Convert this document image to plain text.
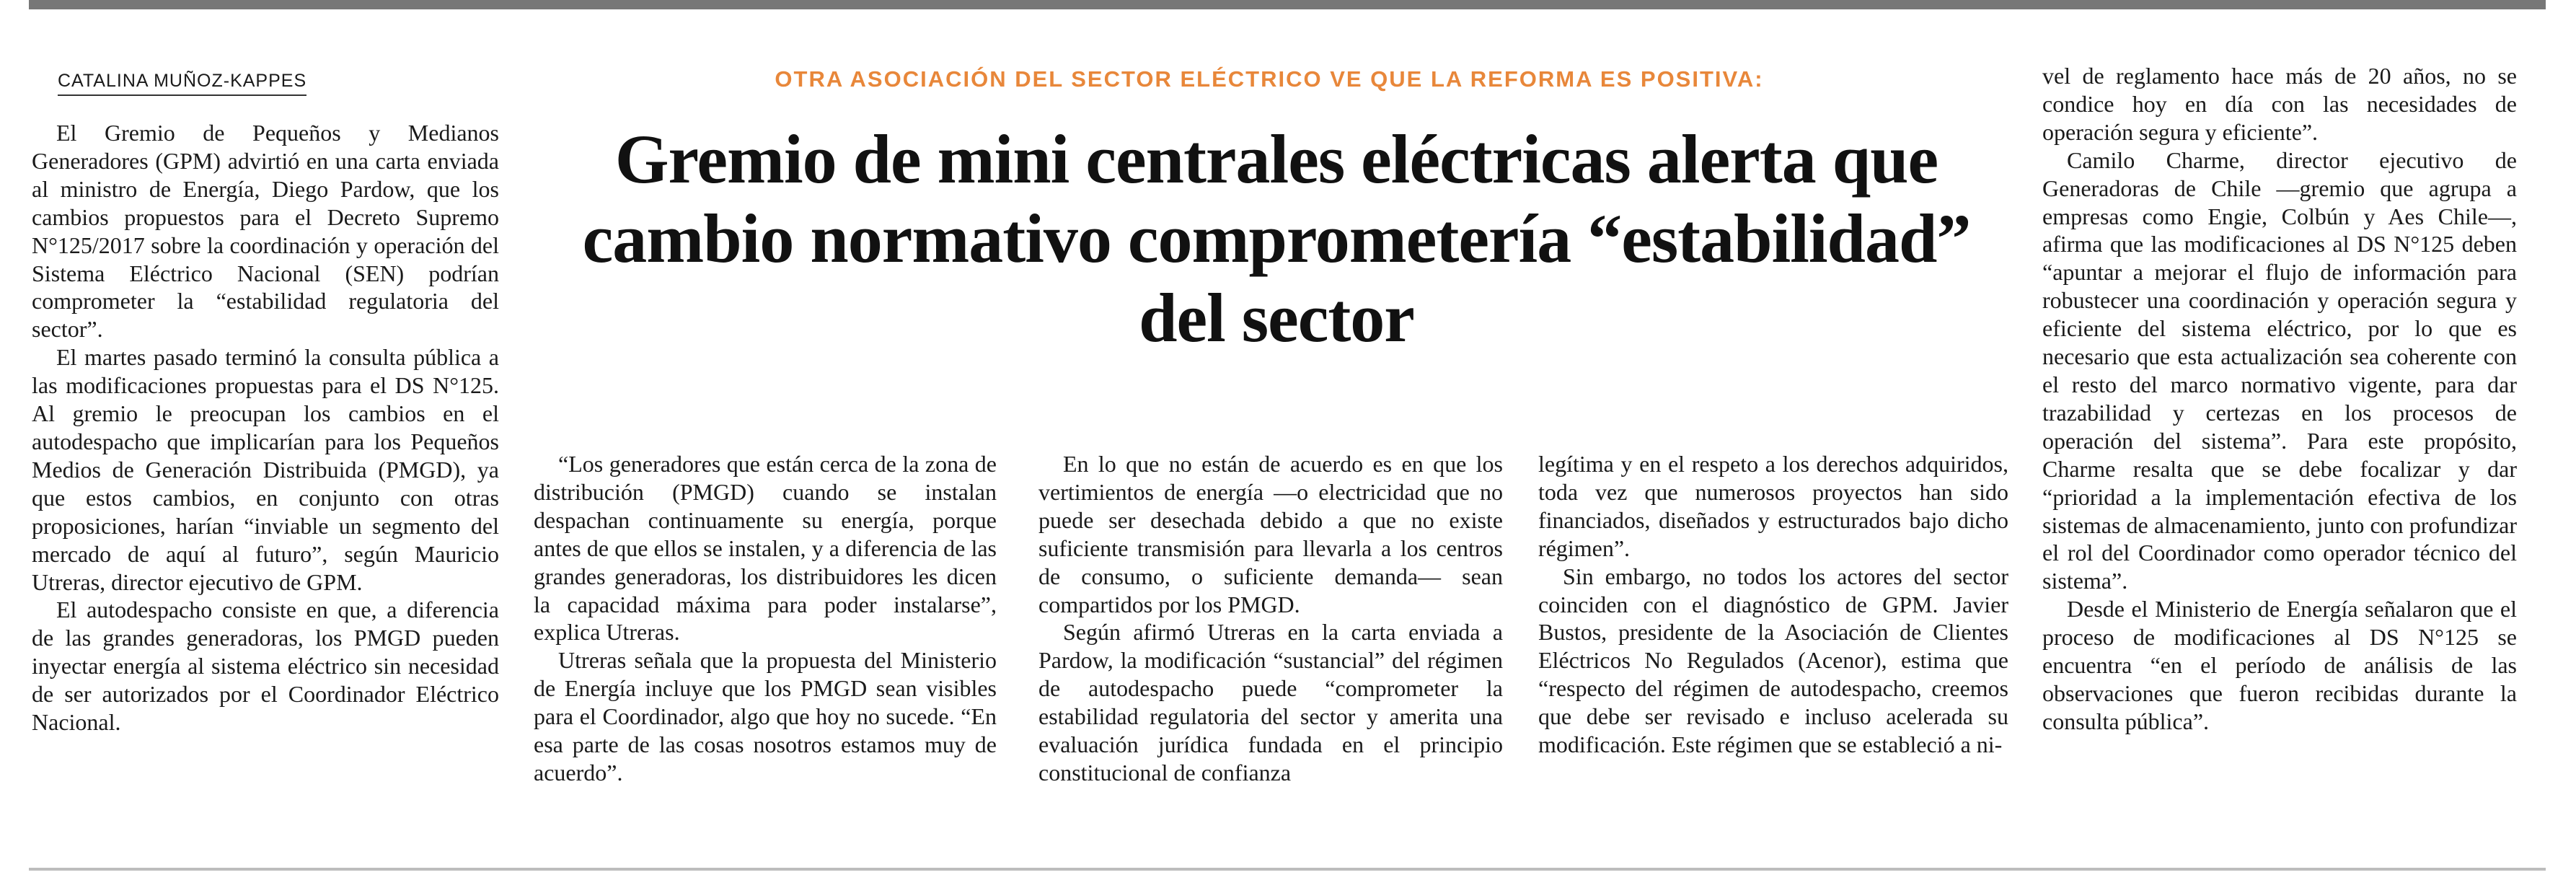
CATALINA MUÑOZ-KAPPES	OTRA ASOCIACIÓN DEL SECTOR ELÉCTRICO VE QUE LA REFORMA ES POSITIVA:
Gremio de mini centrales eléctricas alerta que cambio normativo comprometería “estabilidad” del sector

El Gremio de Pequeños y Medianos Generadores (GPM) advirtió en una carta enviada al ministro de Energía, Diego Pardow, que los cambios propuestos para el Decreto Supremo N°125/2017 sobre la coordinación y operación del Sistema Eléctrico Nacional (SEN) podrían comprometer la “estabilidad regulatoria del sector”.

El martes pasado terminó la consulta pública a las modificaciones propuestas para el DS N°125. Al gremio le preocupan los cambios en el autodespacho que implicarían para los Pequeños Medios de Generación Distribuida (PMGD), ya que estos cambios, en conjunto con otras proposiciones, harían “inviable un segmento del mercado de aquí al futuro”, según Mauricio Utreras, director ejecutivo de GPM.

El autodespacho consiste en que, a diferencia de las grandes generadoras, los PMGD pueden inyectar energía al sistema eléctrico sin necesidad de ser autorizados por el Coordinador Eléctrico Nacional.

“Los generadores que están cerca de la zona de distribución (PMGD) cuando se instalan despachan continuamente su energía, porque antes de que ellos se instalen, y a diferencia de las grandes generadoras, los distribuidores les dicen la capacidad máxima para poder instalarse”, explica Utreras.

Utreras señala que la propuesta del Ministerio de Energía incluye que los PMGD sean visibles para el Coordinador, algo que hoy no sucede. “En esa parte de las cosas nosotros estamos muy de acuerdo”.

En lo que no están de acuerdo es en que los vertimientos de energía —o electricidad que no puede ser desechada debido a que no existe suficiente transmisión para llevarla a los centros de consumo, o suficiente demanda— sean compartidos por los PMGD.

Según afirmó Utreras en la carta enviada a Pardow, la modificación “sustancial” del régimen de autodespacho puede “comprometer la estabilidad regulatoria del sector y amerita una evaluación jurídica fundada en el principio constitucional de confianza

legítima y en el respeto a los derechos adquiridos, toda vez que numerosos proyectos han sido financiados, diseñados y estructurados bajo dicho régimen”.

Sin embargo, no todos los actores del sector coinciden con el diagnóstico de GPM. Javier Bustos, presidente de la Asociación de Clientes Eléctricos No Regulados (Acenor), estima que “respecto del régimen de autodespacho, creemos que debe ser revisado e incluso acelerada su modificación. Este régimen que se estableció a ni-

vel de reglamento hace más de 20 años, no se condice hoy en día con las necesidades de operación segura y eficiente”.

Camilo Charme, director ejecutivo de Generadoras de Chile —gremio que agrupa a empresas como Engie, Colbún y Aes Chile—, afirma que las modificaciones al DS N°125 deben “apuntar a mejorar el flujo de información para robustecer una coordinación y operación segura y eficiente del sistema eléctrico, por lo que es necesario que esta actualización sea coherente con el resto del marco normativo vigente, para dar trazabilidad y certezas en los procesos de operación del sistema”. Para este propósito, Charme resalta que se debe focalizar y dar “prioridad a la implementación efectiva de los sistemas de almacenamiento, junto con profundizar el rol del Coordinador como operador técnico del sistema”.

Desde el Ministerio de Energía señalaron que el proceso de modificaciones al DS N°125 se encuentra “en el período de análisis de las observaciones que fueron recibidas durante la consulta pública”.
